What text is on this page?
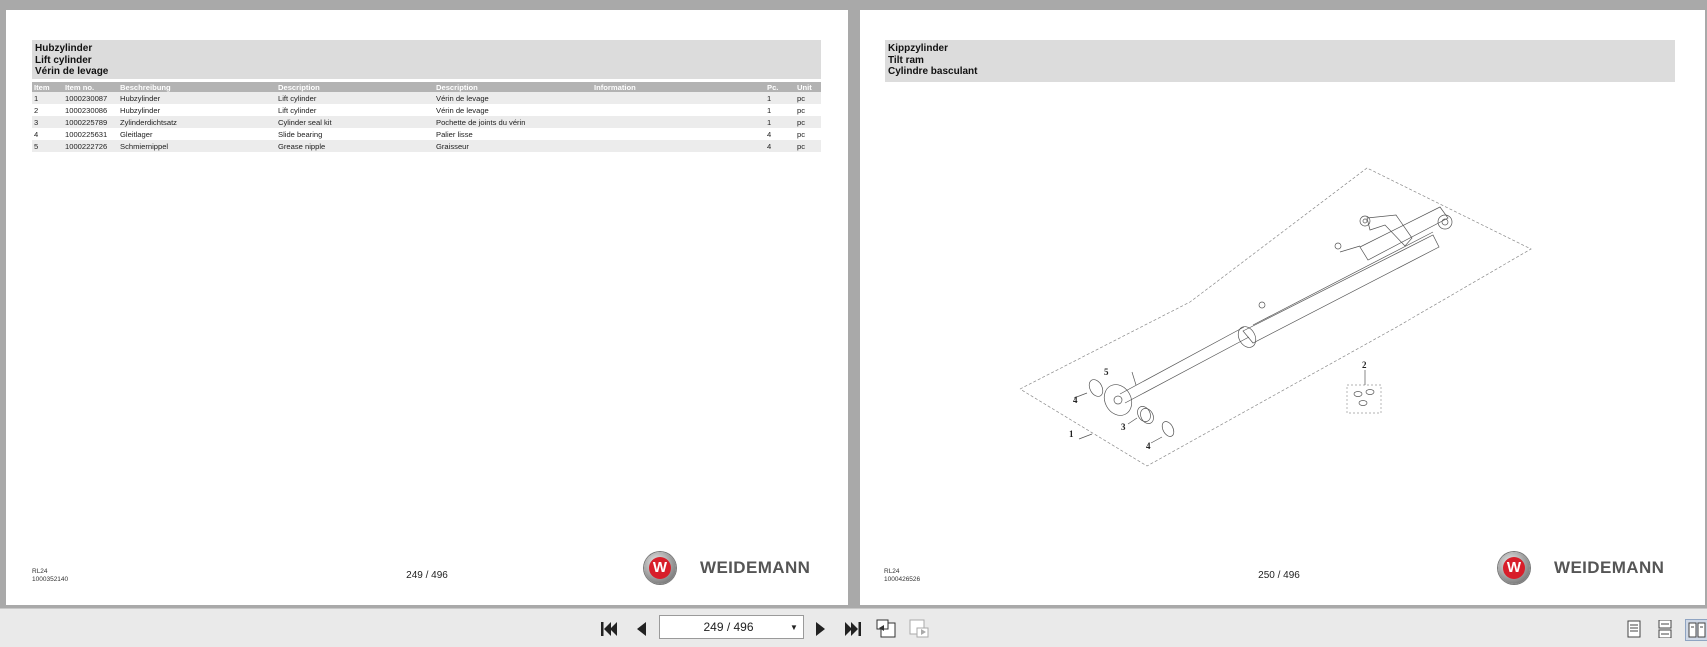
Hubzylinder
Lift cylinder
Vérin de levage
Item	Item no.	Beschreibung	Description	Description	Information	Pc.	Unit
1	1000230087	Hubzylinder	Lift cylinder	Vérin de levage		1	pc
2	1000230086	Hubzylinder	Lift cylinder	Vérin de levage		1	pc
3	1000225789	Zylinderdichtsatz	Cylinder seal kit	Pochette de joints du vérin		1	pc
4	1000225631	Gleitlager	Slide bearing	Palier lisse		4	pc
5	1000222726	Schmiernippel	Grease nipple	Graisseur		4	pc
RL24
1000352140	249 / 496	W WEIDEMANN
Kippzylinder
Tilt ram
Cylindre basculant
5
4
3
4
1
2
RL24
1000426526	250 / 496	W WEIDEMANN
249 / 496	▼
